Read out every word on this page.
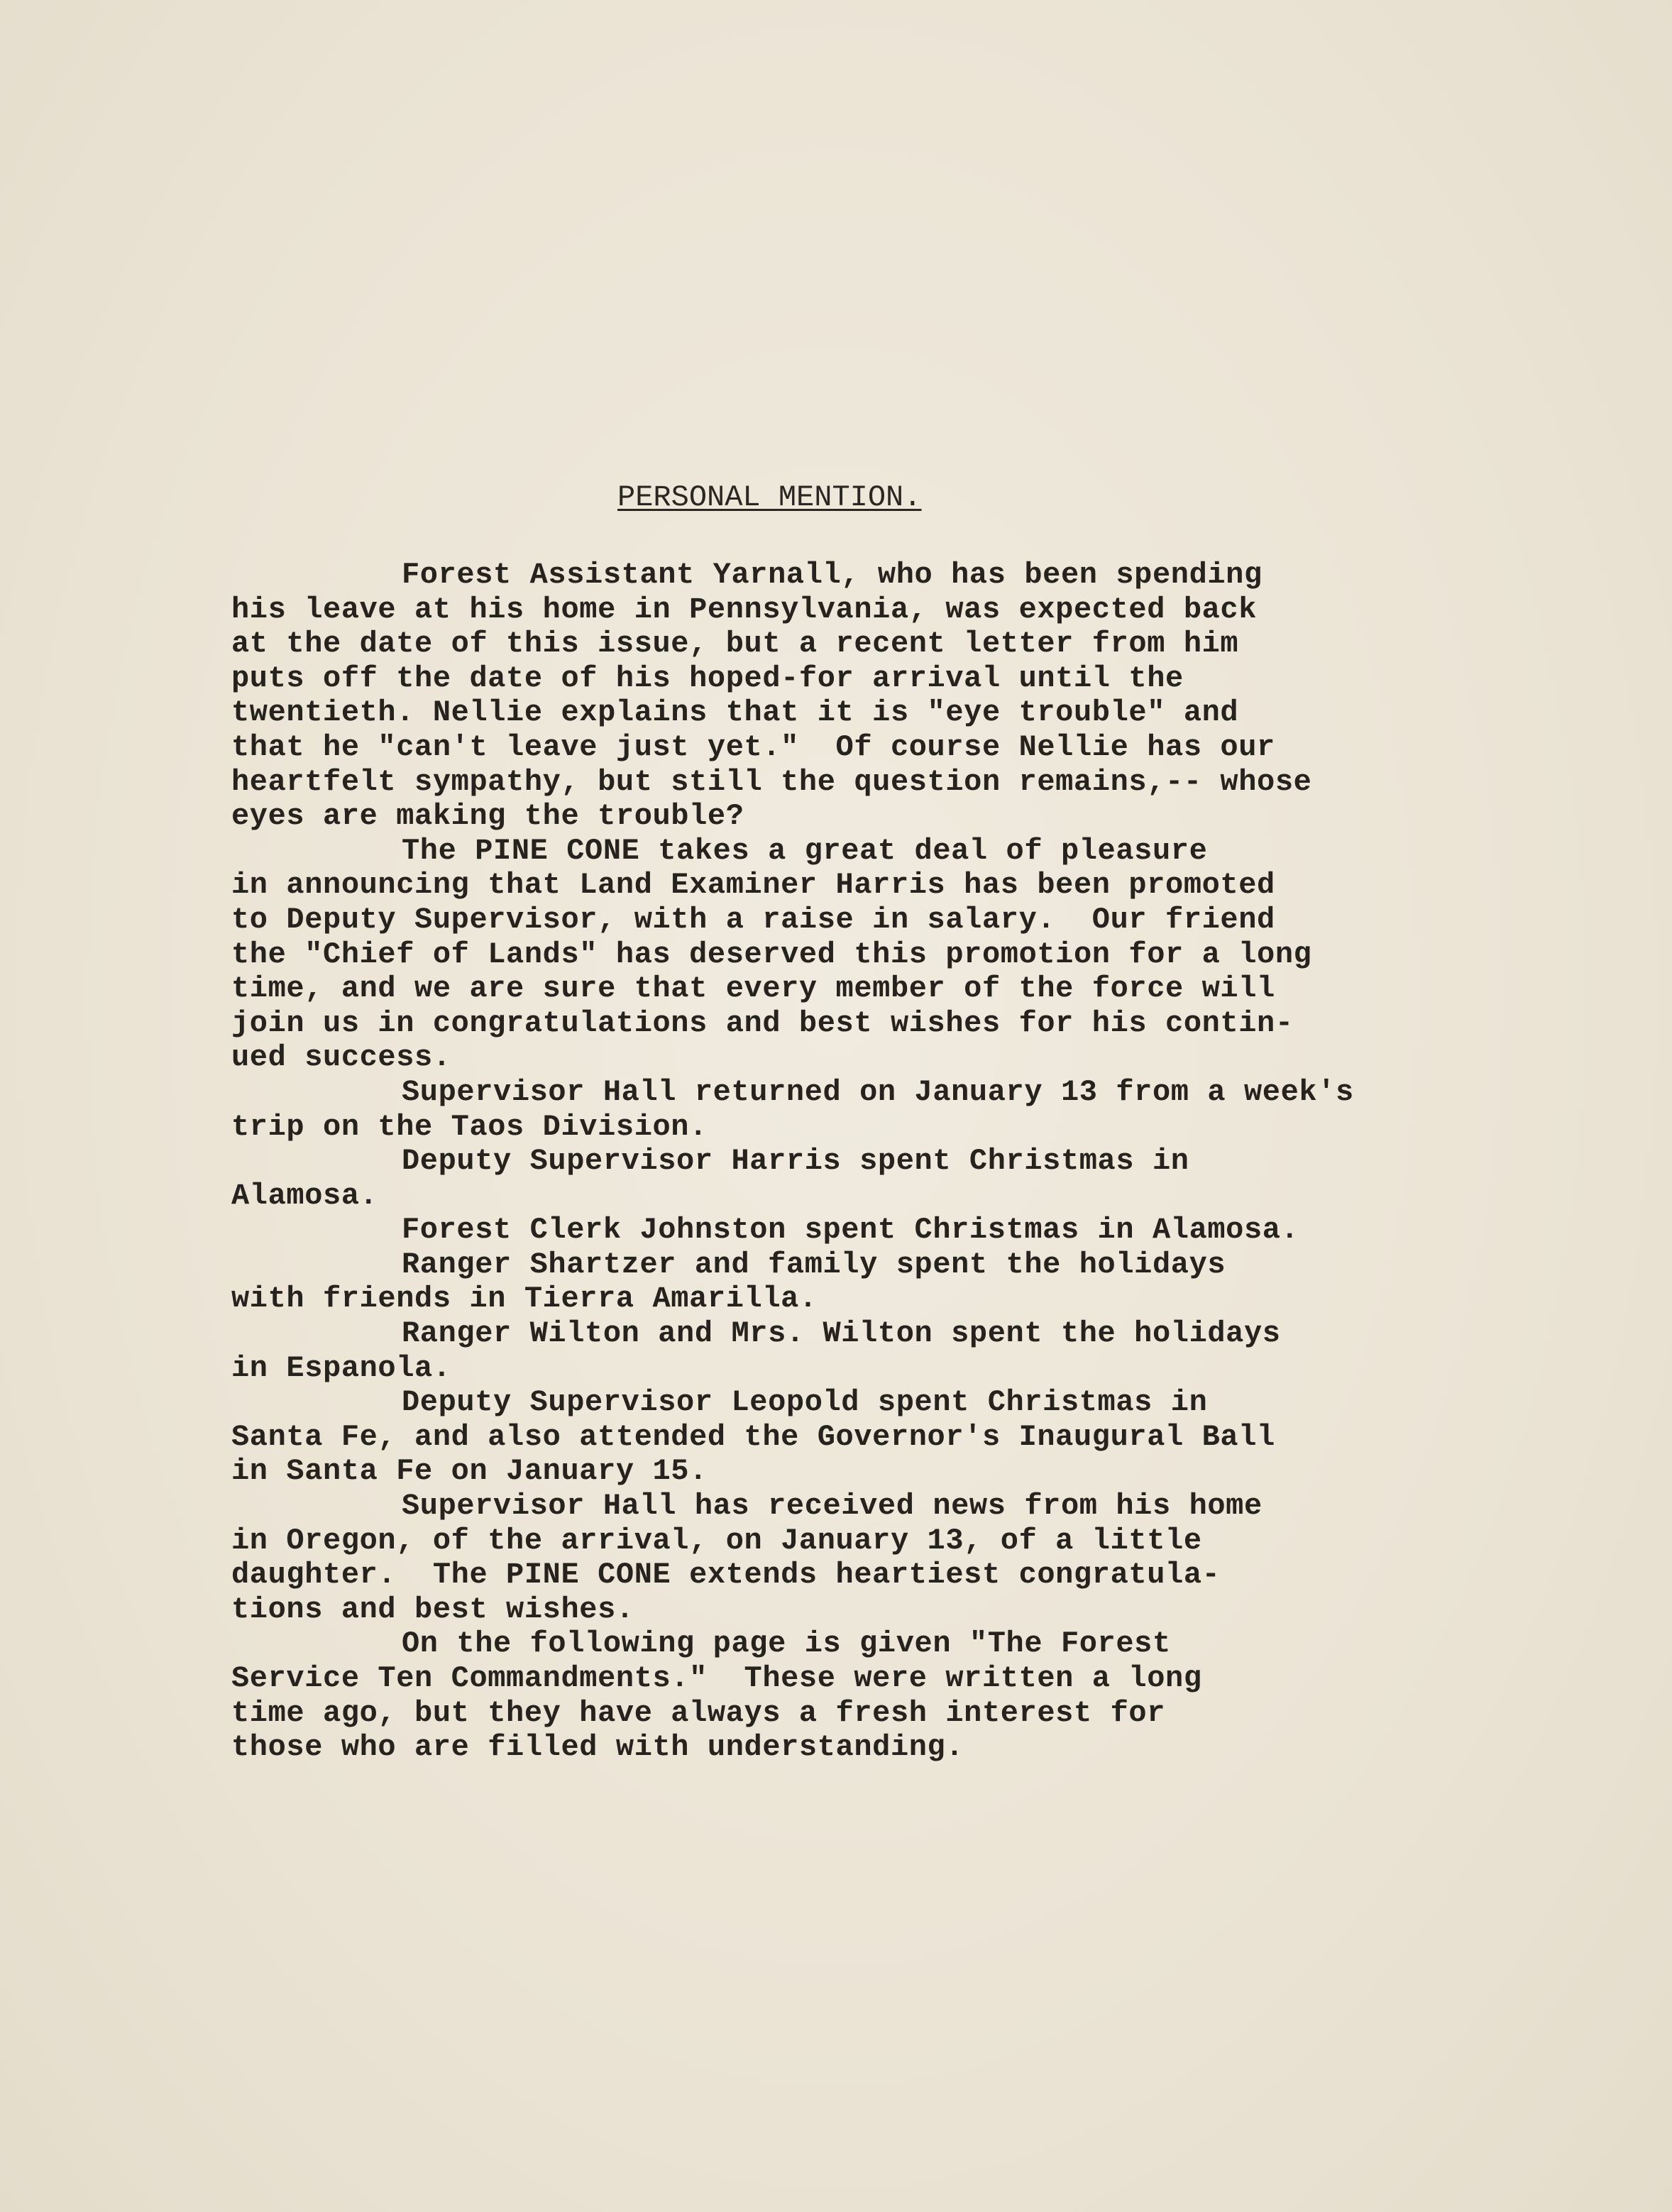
PERSONAL MENTION.
Forest Assistant Yarnall, who has been spending
his leave at his home in Pennsylvania, was expected back
at the date of this issue, but a recent letter from him
puts off the date of his hoped-for arrival until the
twentieth. Nellie explains that it is "eye trouble" and
that he "can't leave just yet."  Of course Nellie has our
heartfelt sympathy, but still the question remains,-- whose
eyes are making the trouble?
The PINE CONE takes a great deal of pleasure
in announcing that Land Examiner Harris has been promoted
to Deputy Supervisor, with a raise in salary.  Our friend
the "Chief of Lands" has deserved this promotion for a long
time, and we are sure that every member of the force will
join us in congratulations and best wishes for his contin-
ued success.
Supervisor Hall returned on January 13 from a week's
trip on the Taos Division.
Deputy Supervisor Harris spent Christmas in
Alamosa.
Forest Clerk Johnston spent Christmas in Alamosa.
Ranger Shartzer and family spent the holidays
with friends in Tierra Amarilla.
Ranger Wilton and Mrs. Wilton spent the holidays
in Espanola.
Deputy Supervisor Leopold spent Christmas in
Santa Fe, and also attended the Governor's Inaugural Ball
in Santa Fe on January 15.
Supervisor Hall has received news from his home
in Oregon, of the arrival, on January 13, of a little
daughter.  The PINE CONE extends heartiest congratula-
tions and best wishes.
On the following page is given "The Forest
Service Ten Commandments."  These were written a long
time ago, but they have always a fresh interest for
those who are filled with understanding.
